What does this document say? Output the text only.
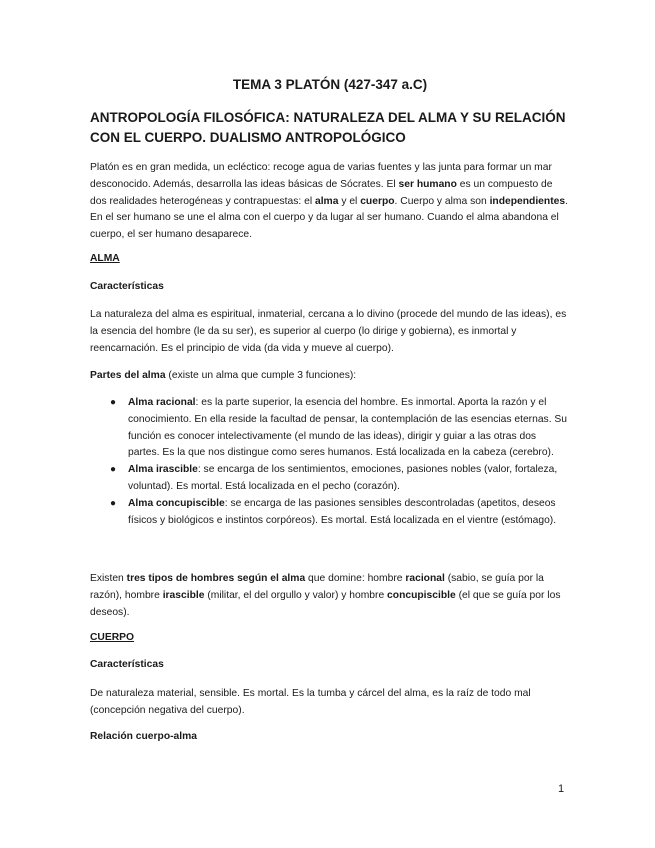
TEMA 3 PLATÓN (427-347 a.C)
ANTROPOLOGÍA FILOSÓFICA: NATURALEZA DEL ALMA Y SU RELACIÓN CON EL CUERPO. DUALISMO ANTROPOLÓGICO

Platón es en gran medida, un ecléctico: recoge agua de varias fuentes y las junta para formar un mar desconocido. Además, desarrolla las ideas básicas de Sócrates. El ser humano es un compuesto de dos realidades heterogéneas y contrapuestas: el alma y el cuerpo. Cuerpo y alma son independientes. En el ser humano se une el alma con el cuerpo y da lugar al ser humano. Cuando el alma abandona el cuerpo, el ser humano desaparece.

ALMA
Características

La naturaleza del alma es espiritual, inmaterial, cercana a lo divino (procede del mundo de las ideas), es la esencia del hombre (le da su ser), es superior al cuerpo (lo dirige y gobierna), es inmortal y reencarnación. Es el principio de vida (da vida y mueve al cuerpo).

Partes del alma (existe un alma que cumple 3 funciones):

● Alma racional: es la parte superior, la esencia del hombre. Es inmortal. Aporta la razón y el conocimiento. En ella reside la facultad de pensar, la contemplación de las esencias eternas. Su función es conocer intelectivamente (el mundo de las ideas), dirigir y guiar a las otras dos partes. Es la que nos distingue como seres humanos. Está localizada en la cabeza (cerebro).
● Alma irascible: se encarga de los sentimientos, emociones, pasiones nobles (valor, fortaleza, voluntad). Es mortal. Está localizada en el pecho (corazón).
● Alma concupiscible: se encarga de las pasiones sensibles descontroladas (apetitos, deseos físicos y biológicos e instintos corpóreos). Es mortal. Está localizada en el vientre (estómago).

Existen tres tipos de hombres según el alma que domine: hombre racional (sabio, se guía por la razón), hombre irascible (militar, el del orgullo y valor) y hombre concupiscible (el que se guía por los deseos).

CUERPO
Características

De naturaleza material, sensible. Es mortal. Es la tumba y cárcel del alma, es la raíz de todo mal (concepción negativa del cuerpo).

Relación cuerpo-alma
1
